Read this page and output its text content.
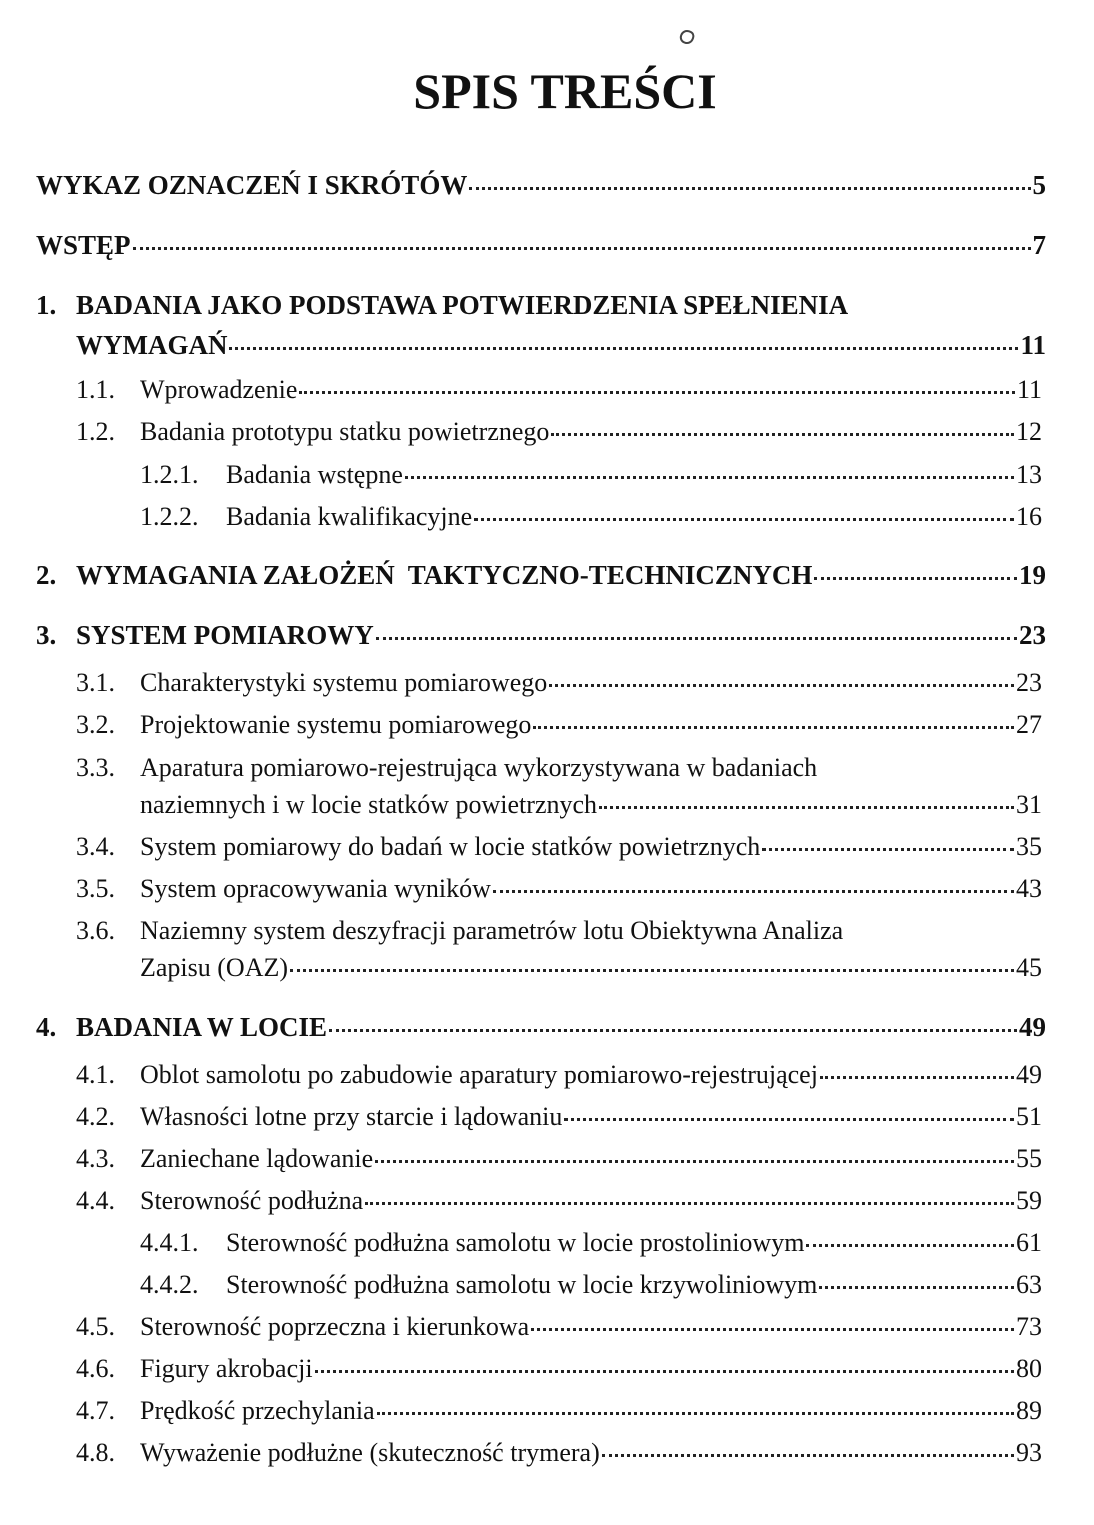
SPIS TREŚCI
WYKAZ OZNACZEŃ I SKRÓTÓW	5
WSTĘP	7
1. BADANIA JAKO PODSTAWA POTWIERDZENIA SPEŁNIENIA
WYMAGAŃ	11
1.1. Wprowadzenie	11
1.2. Badania prototypu statku powietrznego	12
1.2.1.	Badania wstępne	13
1.2.2.	Badania kwalifikacyjne	16
2. WYMAGANIA ZAŁOŻEŃ  TAKTYCZNO-TECHNICZNYCH	19
3. SYSTEM POMIAROWY	23
3.1. Charakterystyki systemu pomiarowego	23
3.2. Projektowanie systemu pomiarowego	27
3.3. Aparatura pomiarowo-rejestrująca wykorzystywana w badaniach
naziemnych i w locie statków powietrznych	31
3.4. System pomiarowy do badań w locie statków powietrznych	35
3.5. System opracowywania wyników	43
3.6. Naziemny system deszyfracji parametrów lotu Obiektywna Analiza
Zapisu (OAZ)	45
4. BADANIA W LOCIE	49
4.1. Oblot samolotu po zabudowie aparatury pomiarowo-rejestrującej	49
4.2. Własności lotne przy starcie i lądowaniu	51
4.3. Zaniechane lądowanie	55
4.4. Sterowność podłużna	59
4.4.1.	Sterowność podłużna samolotu w locie prostoliniowym	61
4.4.2.	Sterowność podłużna samolotu w locie krzywoliniowym	63
4.5. Sterowność poprzeczna i kierunkowa	73
4.6. Figury akrobacji	80
4.7. Prędkość przechylania	89
4.8. Wyważenie podłużne (skuteczność trymera)	93
